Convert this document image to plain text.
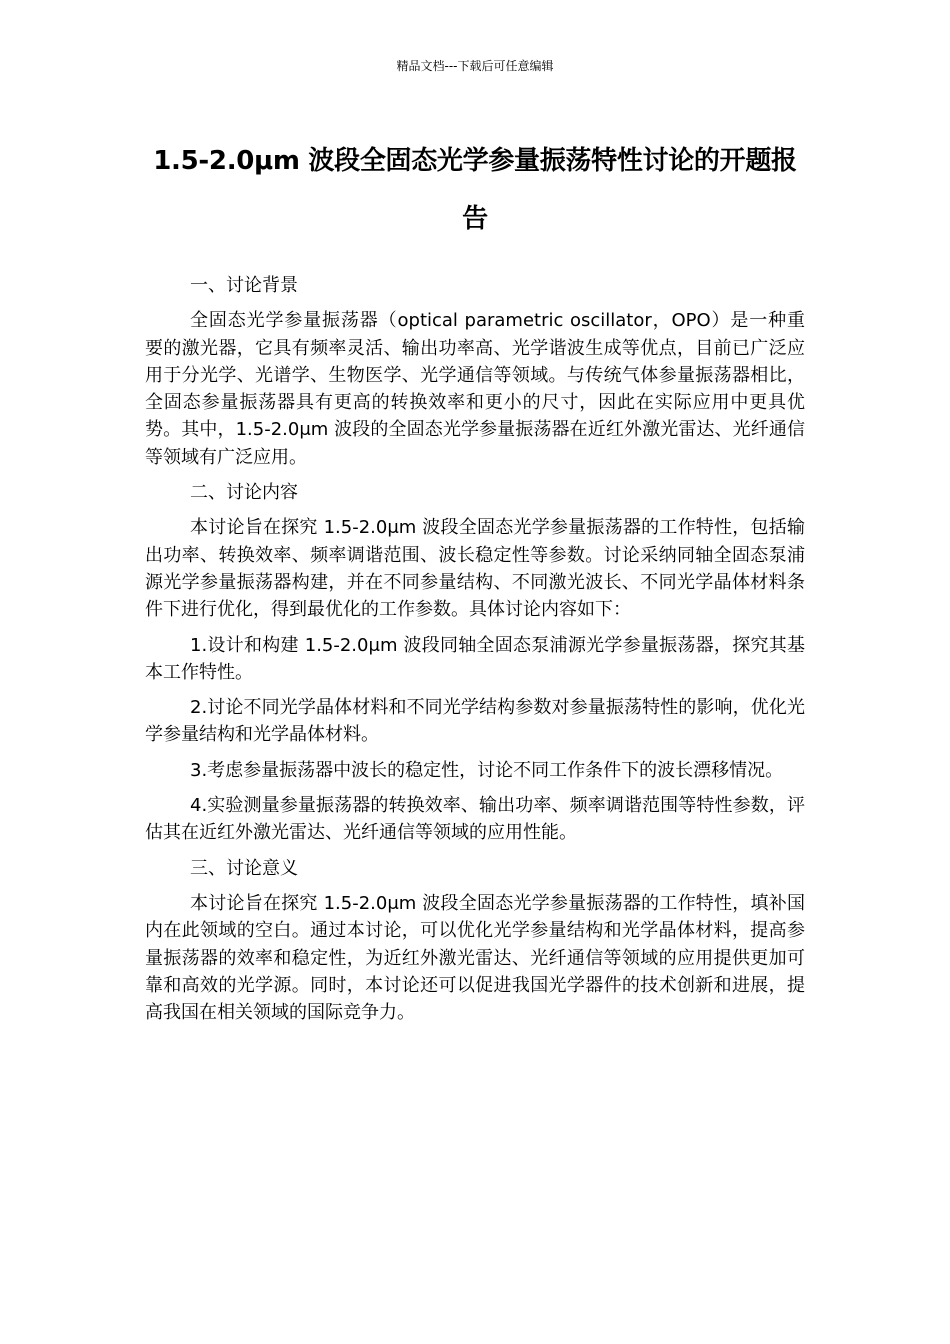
精品文档---下载后可任意编辑
1.5-2.0μm 波段全固态光学参量振荡特性讨论的开题报告
一、讨论背景

全固态光学参量振荡器（optical parametric oscillator，OPO）是一种重要的激光器，它具有频率灵活、输出功率高、光学谐波生成等优点，目前已广泛应用于分光学、光谱学、生物医学、光学通信等领域。与传统气体参量振荡器相比，全固态参量振荡器具有更高的转换效率和更小的尺寸，因此在实际应用中更具优势。其中，1.5-2.0μm 波段的全固态光学参量振荡器在近红外激光雷达、光纤通信等领域有广泛应用。

二、讨论内容

本讨论旨在探究 1.5-2.0μm 波段全固态光学参量振荡器的工作特性，包括输出功率、转换效率、频率调谐范围、波长稳定性等参数。讨论采纳同轴全固态泵浦源光学参量振荡器构建，并在不同参量结构、不同激光波长、不同光学晶体材料条件下进行优化，得到最优化的工作参数。具体讨论内容如下：

1.设计和构建 1.5-2.0μm 波段同轴全固态泵浦源光学参量振荡器，探究其基本工作特性。

2.讨论不同光学晶体材料和不同光学结构参数对参量振荡特性的影响，优化光学参量结构和光学晶体材料。

3.考虑参量振荡器中波长的稳定性，讨论不同工作条件下的波长漂移情况。

4.实验测量参量振荡器的转换效率、输出功率、频率调谐范围等特性参数，评估其在近红外激光雷达、光纤通信等领域的应用性能。

三、讨论意义

本讨论旨在探究 1.5-2.0μm 波段全固态光学参量振荡器的工作特性，填补国内在此领域的空白。通过本讨论，可以优化光学参量结构和光学晶体材料，提高参量振荡器的效率和稳定性，为近红外激光雷达、光纤通信等领域的应用提供更加可靠和高效的光学源。同时，本讨论还可以促进我国光学器件的技术创新和进展，提高我国在相关领域的国际竞争力。
